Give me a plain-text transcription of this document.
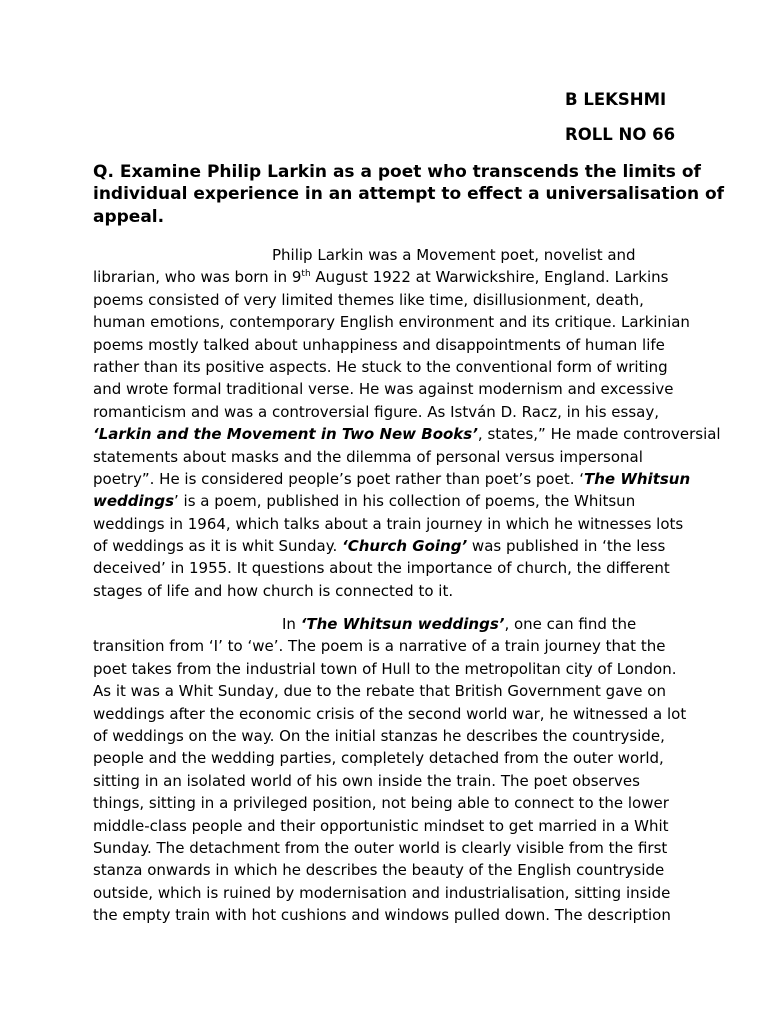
B LEKSHMI
ROLL NO 66
Q. Examine Philip Larkin as a poet who transcends the limits of
individual experience in an attempt to effect a universalisation of
appeal.
Philip Larkin was a Movement poet, novelist and
librarian, who was born in 9th August 1922 at Warwickshire, England. Larkins
poems consisted of very limited themes like time, disillusionment, death,
human emotions, contemporary English environment and its critique. Larkinian
poems mostly talked about unhappiness and disappointments of human life
rather than its positive aspects. He stuck to the conventional form of writing
and wrote formal traditional verse. He was against modernism and excessive
romanticism and was a controversial figure. As István D. Racz, in his essay,
‘Larkin and the Movement in Two New Books’, states,” He made controversial
statements about masks and the dilemma of personal versus impersonal
poetry”. He is considered people’s poet rather than poet’s poet. ‘The Whitsun
weddings’ is a poem, published in his collection of poems, the Whitsun
weddings in 1964, which talks about a train journey in which he witnesses lots
of weddings as it is whit Sunday. ‘Church Going’ was published in ‘the less
deceived’ in 1955. It questions about the importance of church, the different
stages of life and how church is connected to it.
In ‘The Whitsun weddings’, one can find the
transition from ‘I’ to ‘we’. The poem is a narrative of a train journey that the
poet takes from the industrial town of Hull to the metropolitan city of London.
As it was a Whit Sunday, due to the rebate that British Government gave on
weddings after the economic crisis of the second world war, he witnessed a lot
of weddings on the way. On the initial stanzas he describes the countryside,
people and the wedding parties, completely detached from the outer world,
sitting in an isolated world of his own inside the train. The poet observes
things, sitting in a privileged position, not being able to connect to the lower
middle-class people and their opportunistic mindset to get married in a Whit
Sunday. The detachment from the outer world is clearly visible from the first
stanza onwards in which he describes the beauty of the English countryside
outside, which is ruined by modernisation and industrialisation, sitting inside
the empty train with hot cushions and windows pulled down. The description
